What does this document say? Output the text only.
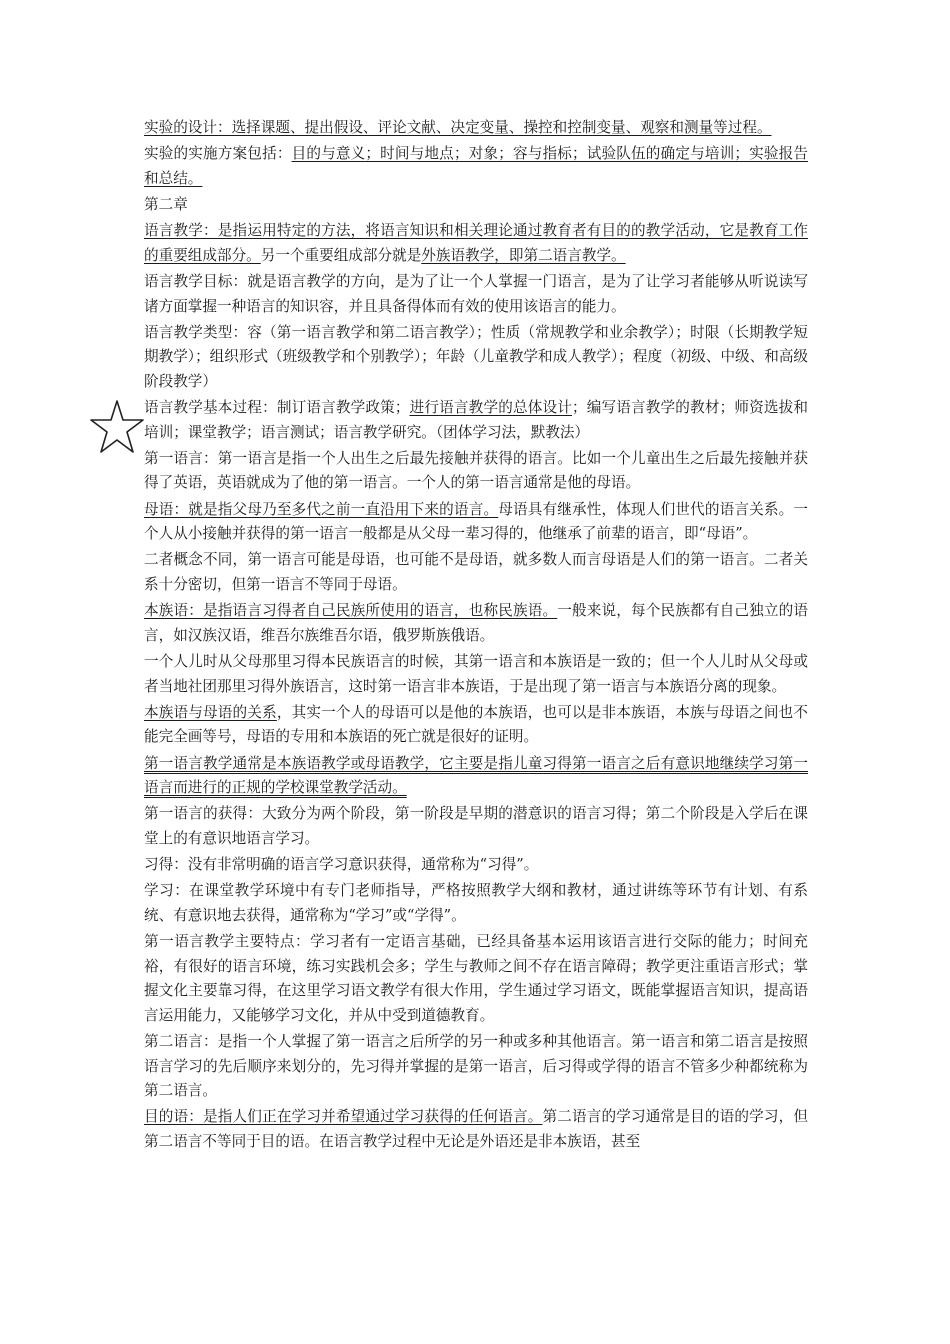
实验的设计：选择课题、提出假设、评论文献、决定变量、操控和控制变量、观察和测量等过程。

实验的实施方案包括：目的与意义；时间与地点；对象；容与指标；试验队伍的确定与培训；实验报告和总结。

第二章

语言教学：是指运用特定的方法，将语言知识和相关理论通过教育者有目的的教学活动，它是教育工作的重要组成部分。另一个重要组成部分就是外族语教学，即第二语言教学。

语言教学目标：就是语言教学的方向，是为了让一个人掌握一门语言，是为了让学习者能够从听说读写诸方面掌握一种语言的知识容，并且具备得体而有效的使用该语言的能力。

语言教学类型：容（第一语言教学和第二语言教学）；性质（常规教学和业余教学）；时限（长期教学短期教学）；组织形式（班级教学和个别教学）；年龄（儿童教学和成人教学）；程度（初级、中级、和高级阶段教学）

语言教学基本过程：制订语言教学政策；进行语言教学的总体设计；编写语言教学的教材；师资选拔和培训；课堂教学；语言测试；语言教学研究。（团体学习法，默教法）

第一语言：第一语言是指一个人出生之后最先接触并获得的语言。比如一个儿童出生之后最先接触并获得了英语，英语就成为了他的第一语言。一个人的第一语言通常是他的母语。

母语：就是指父母乃至多代之前一直沿用下来的语言。母语具有继承性，体现人们世代的语言关系。一个人从小接触并获得的第一语言一般都是从父母一辈习得的，他继承了前辈的语言，即“母语”。

二者概念不同，第一语言可能是母语，也可能不是母语，就多数人而言母语是人们的第一语言。二者关系十分密切，但第一语言不等同于母语。

本族语：是指语言习得者自己民族所使用的语言，也称民族语。一般来说，每个民族都有自己独立的语言，如汉族汉语，维吾尔族维吾尔语，俄罗斯族俄语。

一个人儿时从父母那里习得本民族语言的时候，其第一语言和本族语是一致的；但一个人儿时从父母或者当地社团那里习得外族语言，这时第一语言非本族语，于是出现了第一语言与本族语分离的现象。

本族语与母语的关系，其实一个人的母语可以是他的本族语，也可以是非本族语，本族与母语之间也不能完全画等号，母语的专用和本族语的死亡就是很好的证明。

第一语言教学通常是本族语教学或母语教学，它主要是指儿童习得第一语言之后有意识地继续学习第一语言而进行的正规的学校课堂教学活动。

第一语言的获得：大致分为两个阶段，第一阶段是早期的潜意识的语言习得；第二个阶段是入学后在课堂上的有意识地语言学习。

习得：没有非常明确的语言学习意识获得，通常称为“习得”。

学习：在课堂教学环境中有专门老师指导，严格按照教学大纲和教材，通过讲练等环节有计划、有系统、有意识地去获得，通常称为“学习”或“学得”。

第一语言教学主要特点：学习者有一定语言基础，已经具备基本运用该语言进行交际的能力；时间充裕，有很好的语言环境，练习实践机会多；学生与教师之间不存在语言障碍；教学更注重语言形式；掌握文化主要靠习得，在这里学习语文教学有很大作用，学生通过学习语文，既能掌握语言知识，提高语言运用能力，又能够学习文化，并从中受到道德教育。

第二语言：是指一个人掌握了第一语言之后所学的另一种或多种其他语言。第一语言和第二语言是按照语言学习的先后顺序来划分的，先习得并掌握的是第一语言，后习得或学得的语言不管多少种都统称为第二语言。

目的语：是指人们正在学习并希望通过学习获得的任何语言。第二语言的学习通常是目的语的学习，但第二语言不等同于目的语。在语言教学过程中无论是外语还是非本族语，甚至
